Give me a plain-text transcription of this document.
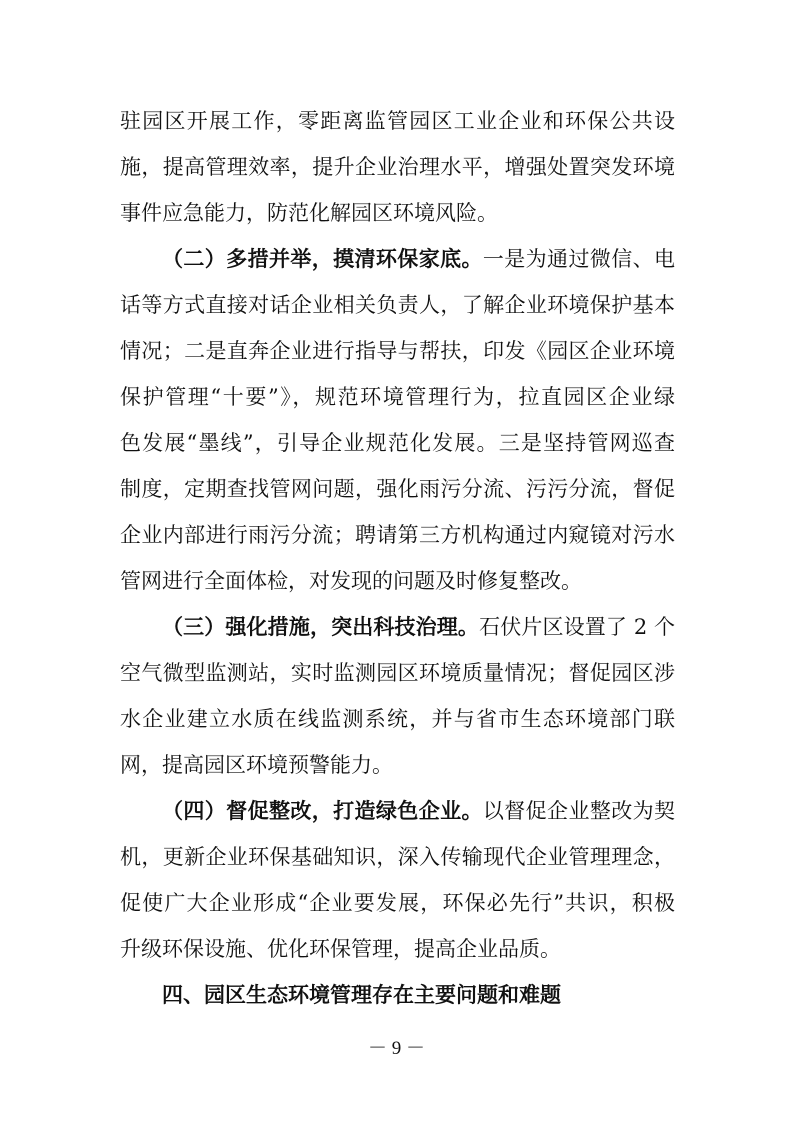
驻园区开展工作，零距离监管园区工业企业和环保公共设
施，提高管理效率，提升企业治理水平，增强处置突发环境
事件应急能力，防范化解园区环境风险。
（二）多措并举，摸清环保家底。一是为通过微信、电
话等方式直接对话企业相关负责人，了解企业环境保护基本
情况；二是直奔企业进行指导与帮扶，印发《园区企业环境
保护管理“十要”》，规范环境管理行为，拉直园区企业绿
色发展“墨线”，引导企业规范化发展。三是坚持管网巡查
制度，定期查找管网问题，强化雨污分流、污污分流，督促
企业内部进行雨污分流；聘请第三方机构通过内窥镜对污水
管网进行全面体检，对发现的问题及时修复整改。
（三）强化措施，突出科技治理。石伏片区设置了 2 个
空气微型监测站，实时监测园区环境质量情况；督促园区涉
水企业建立水质在线监测系统，并与省市生态环境部门联
网，提高园区环境预警能力。
（四）督促整改，打造绿色企业。以督促企业整改为契
机，更新企业环保基础知识，深入传输现代企业管理理念，
促使广大企业形成“企业要发展，环保必先行”共识，积极
升级环保设施、优化环保管理，提高企业品质。
四、园区生态环境管理存在主要问题和难题
－ 9 －
